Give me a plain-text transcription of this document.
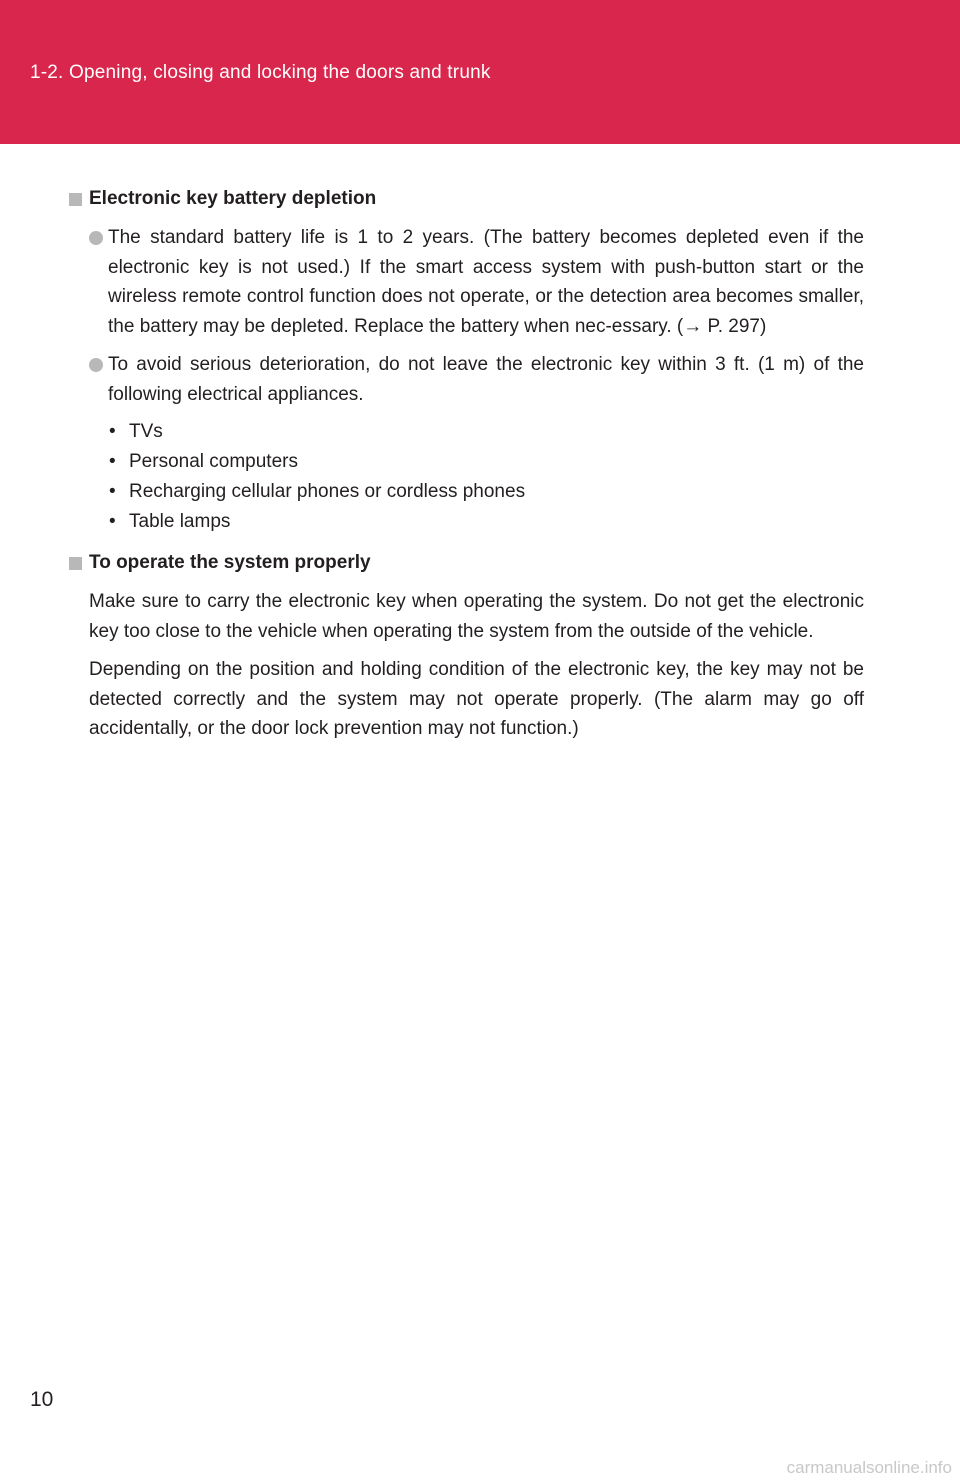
1-2. Opening, closing and locking the doors and trunk
Electronic key battery depletion

The standard battery life is 1 to 2 years. (The battery becomes depleted even if the electronic key is not used.) If the smart access system with push-button start or the wireless remote control function does not operate, or the detection area becomes smaller, the battery may be depleted. Replace the battery when nec-essary. (→ P. 297)

To avoid serious deterioration, do not leave the electronic key within 3 ft. (1 m) of the following electrical appliances.

• TVs
• Personal computers
• Recharging cellular phones or cordless phones
• Table lamps
To operate the system properly

Make sure to carry the electronic key when operating the system. Do not get the electronic key too close to the vehicle when operating the system from the outside of the vehicle.

Depending on the position and holding condition of the electronic key, the key may not be detected correctly and the system may not operate properly. (The alarm may go off accidentally, or the door lock prevention may not function.)

10
carmanualsonline.info
